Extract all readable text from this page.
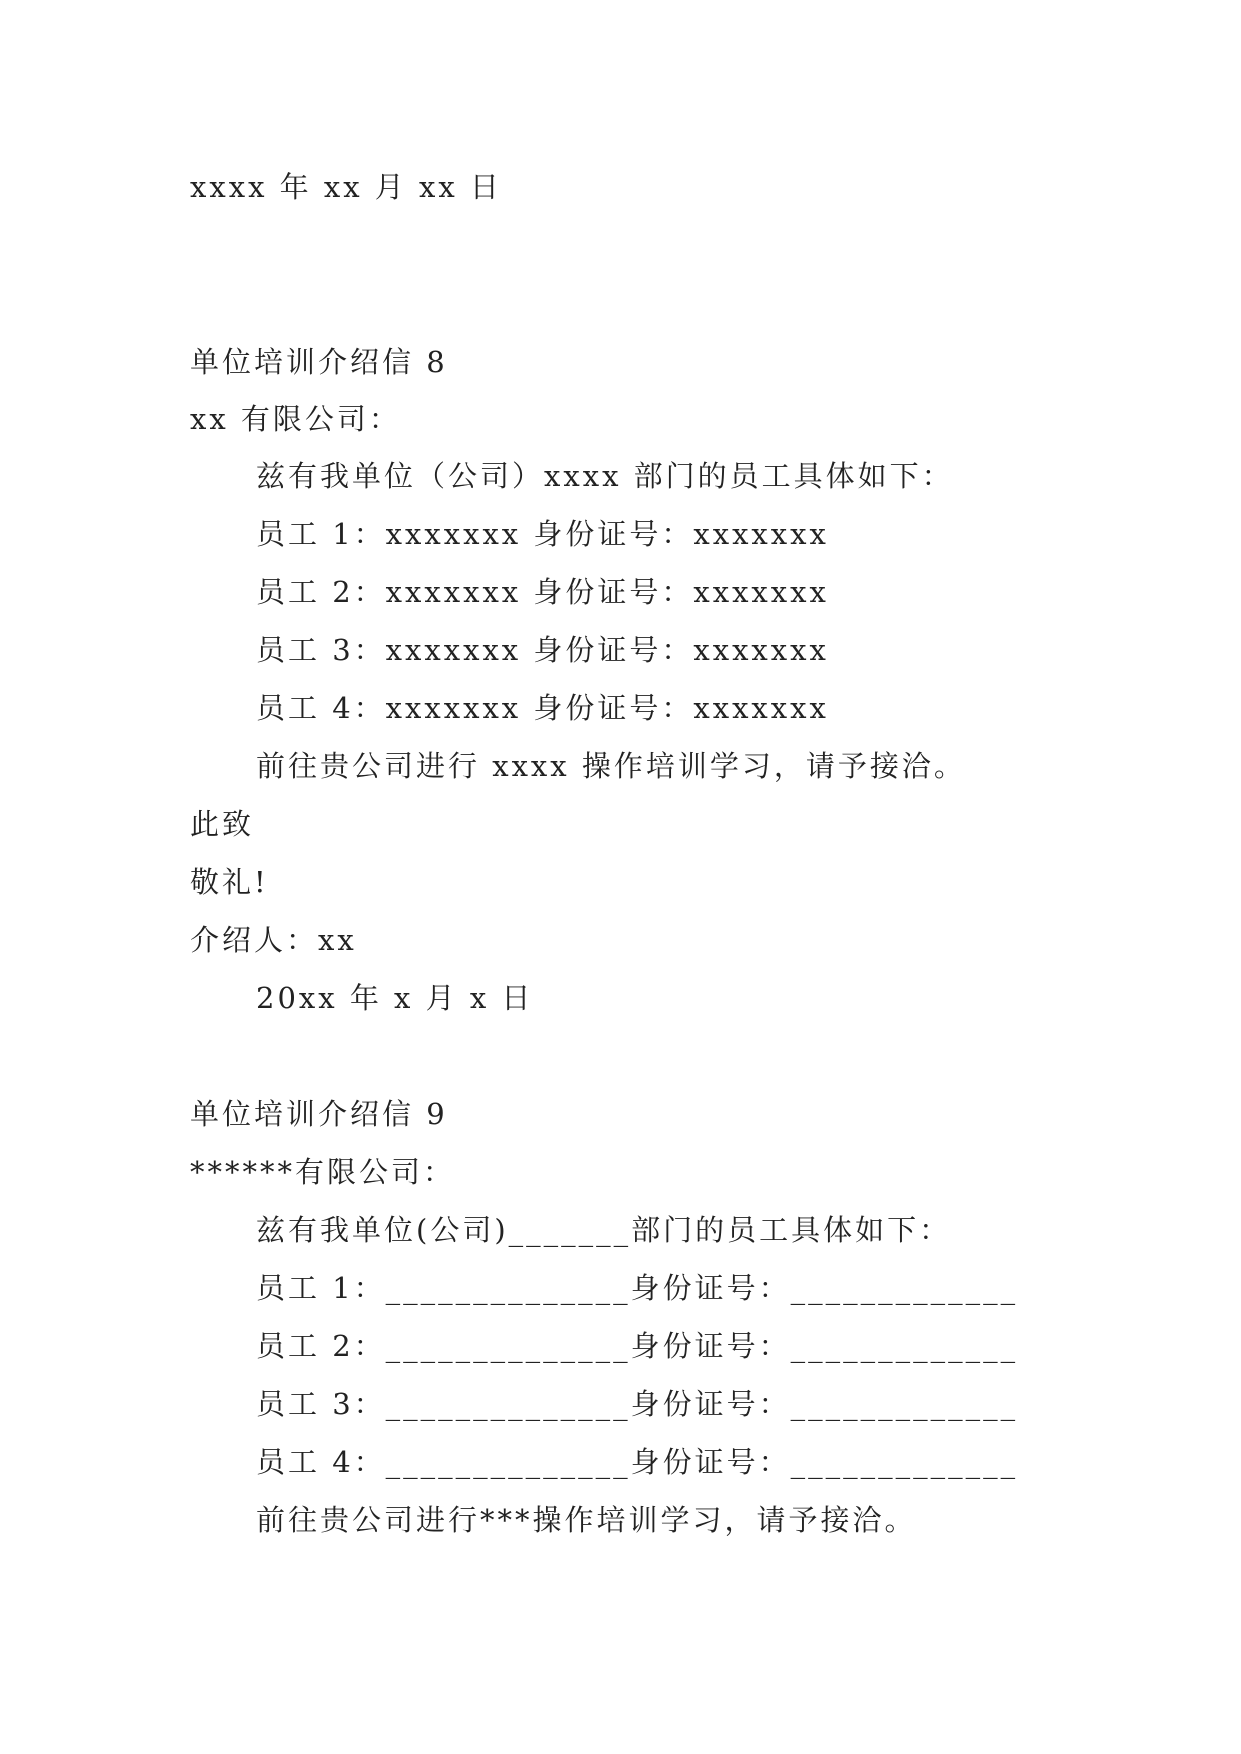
xxxx 年 xx 月 xx 日
单位培训介绍信 8
xx 有限公司：
兹有我单位（公司）xxxx 部门的员工具体如下：
员工 1：xxxxxxx 身份证号：xxxxxxx
员工 2：xxxxxxx 身份证号：xxxxxxx
员工 3：xxxxxxx 身份证号：xxxxxxx
员工 4：xxxxxxx 身份证号：xxxxxxx
前往贵公司进行 xxxx 操作培训学习，请予接洽。
此致
敬礼!
介绍人：xx
20xx 年 x 月 x 日
单位培训介绍信 9
******有限公司：
兹有我单位(公司)_______部门的员工具体如下：
员工 1：______________身份证号：_____________
员工 2：______________身份证号：_____________
员工 3：______________身份证号：_____________
员工 4：______________身份证号：_____________
前往贵公司进行***操作培训学习，请予接洽。
